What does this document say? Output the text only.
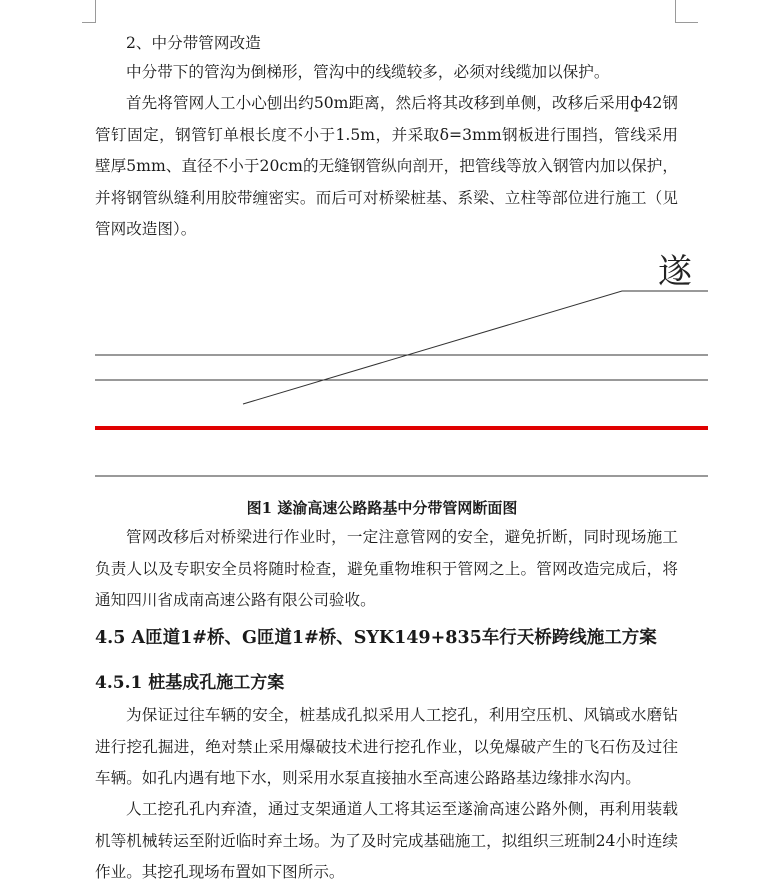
2、中分带管网改造

中分带下的管沟为倒梯形，管沟中的线缆较多，必须对线缆加以保护。

首先将管网人工小心刨出约50m距离，然后将其改移到单侧，改移后采用ф42钢管钉固定，钢管钉单根长度不小于1.5m，并采取δ=3mm钢板进行围挡，管线采用壁厚5mm、直径不小于20cm的无缝钢管纵向剖开，把管线等放入钢管内加以保护，并将钢管纵缝利用胶带缠密实。而后可对桥梁桩基、系梁、立柱等部位进行施工（见管网改造图）。

遂
图1 遂渝高速公路路基中分带管网断面图

管网改移后对桥梁进行作业时，一定注意管网的安全，避免折断，同时现场施工负责人以及专职安全员将随时检查，避免重物堆积于管网之上。管网改造完成后，将通知四川省成南高速公路有限公司验收。

4.5 A匝道1#桥、G匝道1#桥、SYK149+835车行天桥跨线施工方案
4.5.1 桩基成孔施工方案

为保证过往车辆的安全，桩基成孔拟采用人工挖孔，利用空压机、风镐或水磨钻进行挖孔掘进，绝对禁止采用爆破技术进行挖孔作业，以免爆破产生的飞石伤及过往车辆。如孔内遇有地下水，则采用水泵直接抽水至高速公路路基边缘排水沟内。

人工挖孔孔内弃渣，通过支架通道人工将其运至遂渝高速公路外侧，再利用装载机等机械转运至附近临时弃土场。为了及时完成基础施工，拟组织三班制24小时连续作业。其挖孔现场布置如下图所示。
